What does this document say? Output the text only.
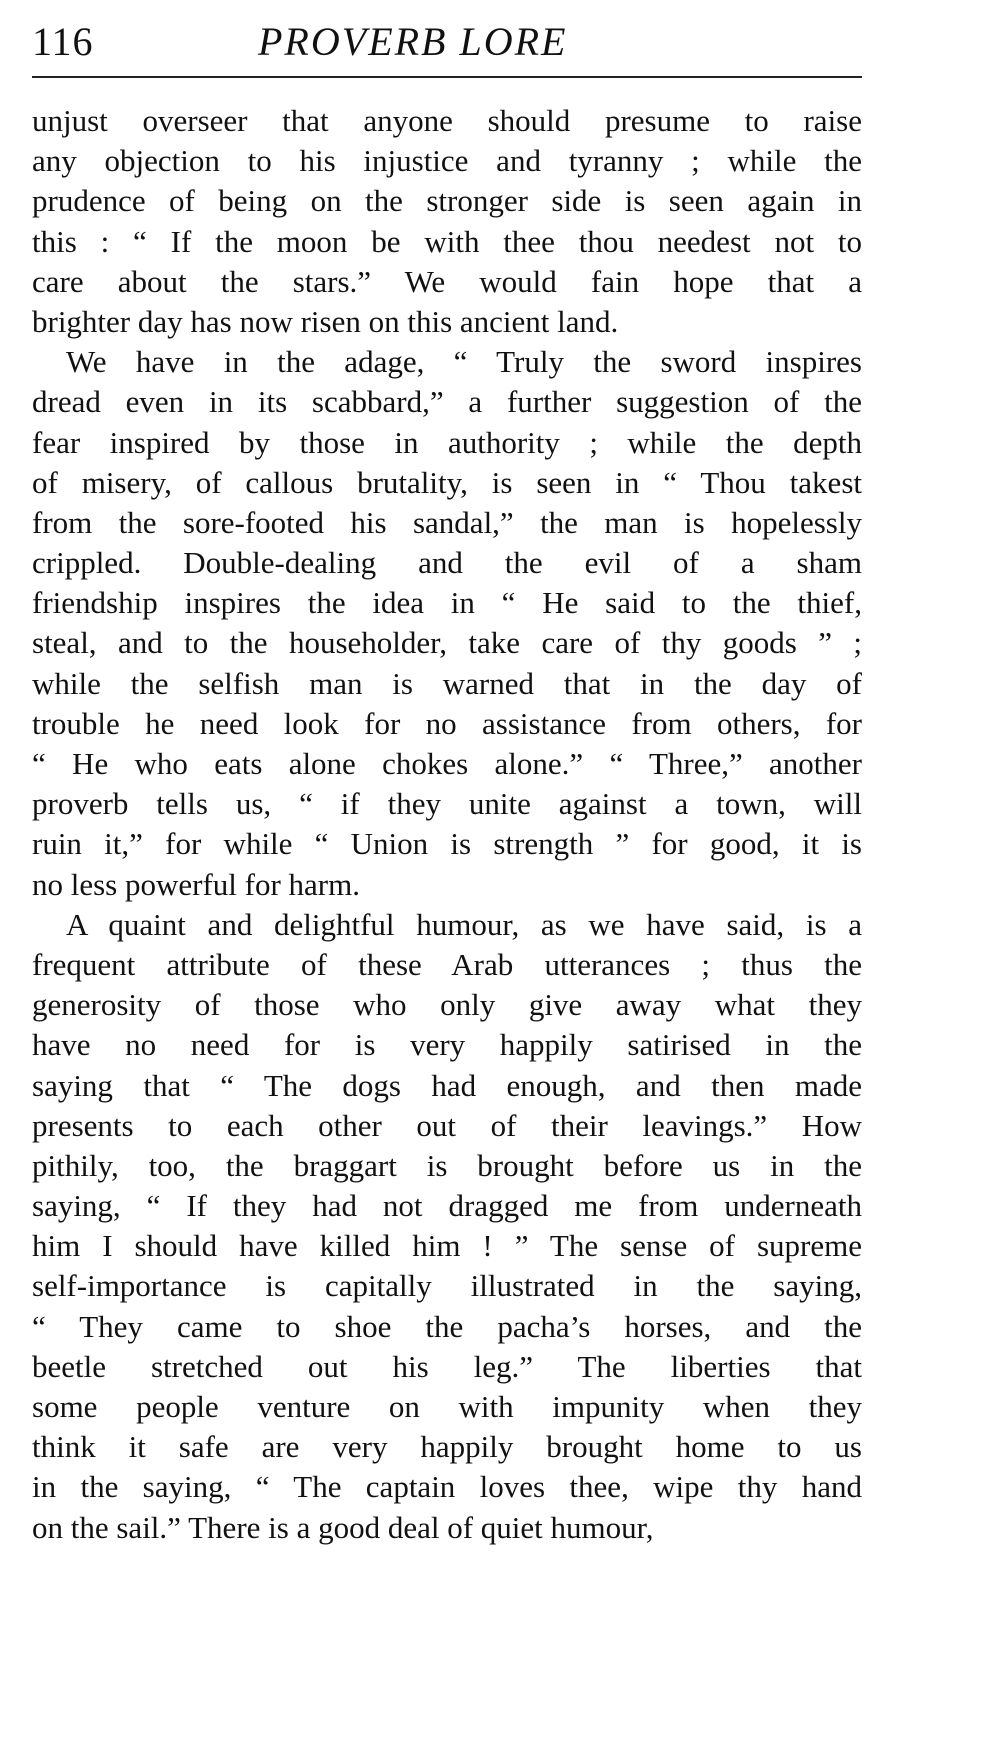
116	PROVERB LORE
unjust overseer that anyone should presume to raise
any objection to his injustice and tyranny ; while the
prudence of being on the stronger side is seen again in
this : “ If the moon be with thee thou needest not to
care about the stars.” We would fain hope that a
brighter day has now risen on this ancient land.
We have in the adage, “ Truly the sword inspires
dread even in its scabbard,” a further suggestion of the
fear inspired by those in authority ; while the depth
of misery, of callous brutality, is seen in “ Thou takest
from the sore-footed his sandal,” the man is hopelessly
crippled. Double-dealing and the evil of a sham
friendship inspires the idea in “ He said to the thief,
steal, and to the householder, take care of thy goods ” ;
while the selfish man is warned that in the day of
trouble he need look for no assistance from others, for
“ He who eats alone chokes alone.” “ Three,” another
proverb tells us, “ if they unite against a town, will
ruin it,” for while “ Union is strength ” for good, it is
no less powerful for harm.
A quaint and delightful humour, as we have said, is a
frequent attribute of these Arab utterances ; thus the
generosity of those who only give away what they
have no need for is very happily satirised in the
saying that “ The dogs had enough, and then made
presents to each other out of their leavings.” How
pithily, too, the braggart is brought before us in the
saying, “ If they had not dragged me from underneath
him I should have killed him ! ” The sense of supreme
self-importance is capitally illustrated in the saying,
“ They came to shoe the pacha’s horses, and the
beetle stretched out his leg.” The liberties that
some people venture on with impunity when they
think it safe are very happily brought home to us
in the saying, “ The captain loves thee, wipe thy hand
on the sail.” There is a good deal of quiet humour,
